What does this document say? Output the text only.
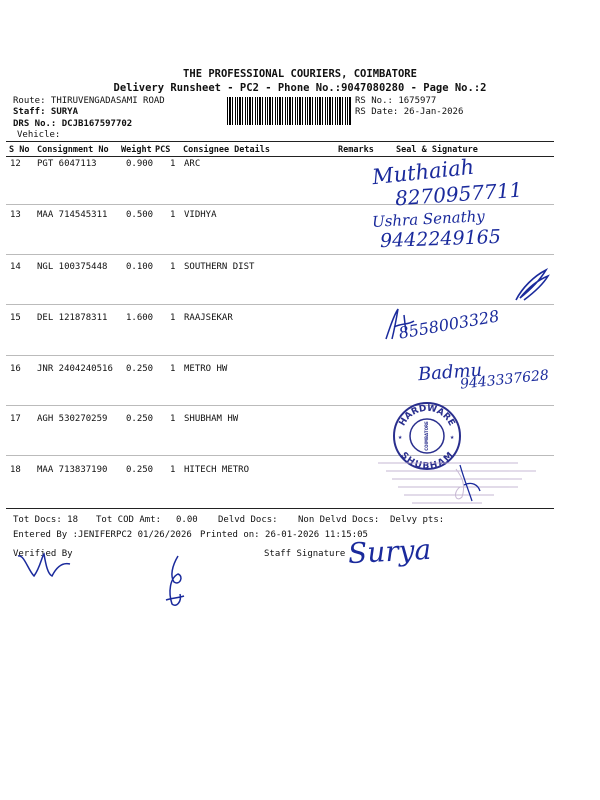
THE PROFESSIONAL COURIERS, COIMBATORE
Delivery Runsheet - PC2 - Phone No.:9047080280 - Page No.:2
Route: THIRUVENGADASAMI ROAD
Staff: SURYA
DRS No.: DCJB167597702
Vehicle:
RS No.: 1675977
RS Date: 26-Jan-2026
S No Consignment No Weight PCS Consignee Details	Remarks	Seal & Signature
12 PGT 6047113	0.900 1 ARC
13 MAA 714545311 0.500 1 VIDHYA
14 NGL 100375448 0.100 1 SOUTHERN DIST
15 DEL 121878311 1.600 1 RAAJSEKAR
16 JNR 2404240516 0.250 1 METRO HW
17 AGH 530270259 0.250 1 SHUBHAM HW
18 MAA 713837190 0.250 1 HITECH METRO
Muthaiah
8270957711
Ushra Senathy
9442249165
8558003328
Badmu
9443337628
HARDWARE
SHUBHAM
COIMBATORE
★	★
Tot Docs: 18 Tot COD Amt: 0.00 Delvd Docs: Non Delvd Docs: Delvy pts:
Entered By :JENIFERPC2 01/26/2026 Printed on: 26-01-2026 11:15:05
Verified By	Staff Signature Surya
